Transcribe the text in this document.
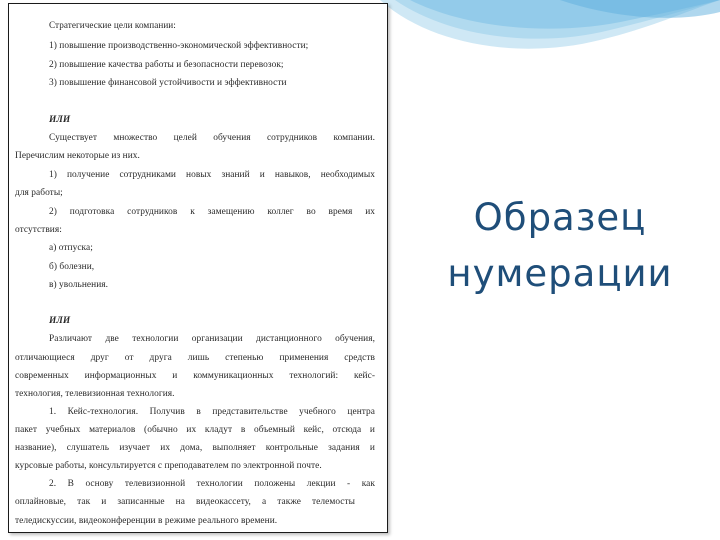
Стратегические цели компании:
1) повышение производственно-экономической эффективности;
2) повышение качества работы и безопасности перевозок;
3) повышение финансовой устойчивости и эффективности
ИЛИ
Существует множество целей обучения сотрудников компании.
Перечислим некоторые из них.
1) получение сотрудниками новых знаний и навыков, необходимых
для работы;
2) подготовка сотрудников к замещению коллег во время их
отсутствия:
а) отпуска;
б) болезни,
в) увольнения.
ИЛИ
Различают две технологии организации дистанционного обучения,
отличающиеся друг от друга лишь степенью применения средств
современных информационных и коммуникационных технологий: кейс-
технология, телевизионная технология.
1. Кейс-технология. Получив в представительстве учебного центра
пакет учебных материалов (обычно их кладут в объемный кейс, отсюда и
название), слушатель изучает их дома, выполняет контрольные задания и
курсовые работы, консультируется с преподавателем по электронной почте.
2. В основу телевизионной технологии положены лекции - как
оплайновые, так и записанные на видеокассету, а также телемосты
теледискуссии, видеоконференции в режиме реального времени.
Образец
нумерации
